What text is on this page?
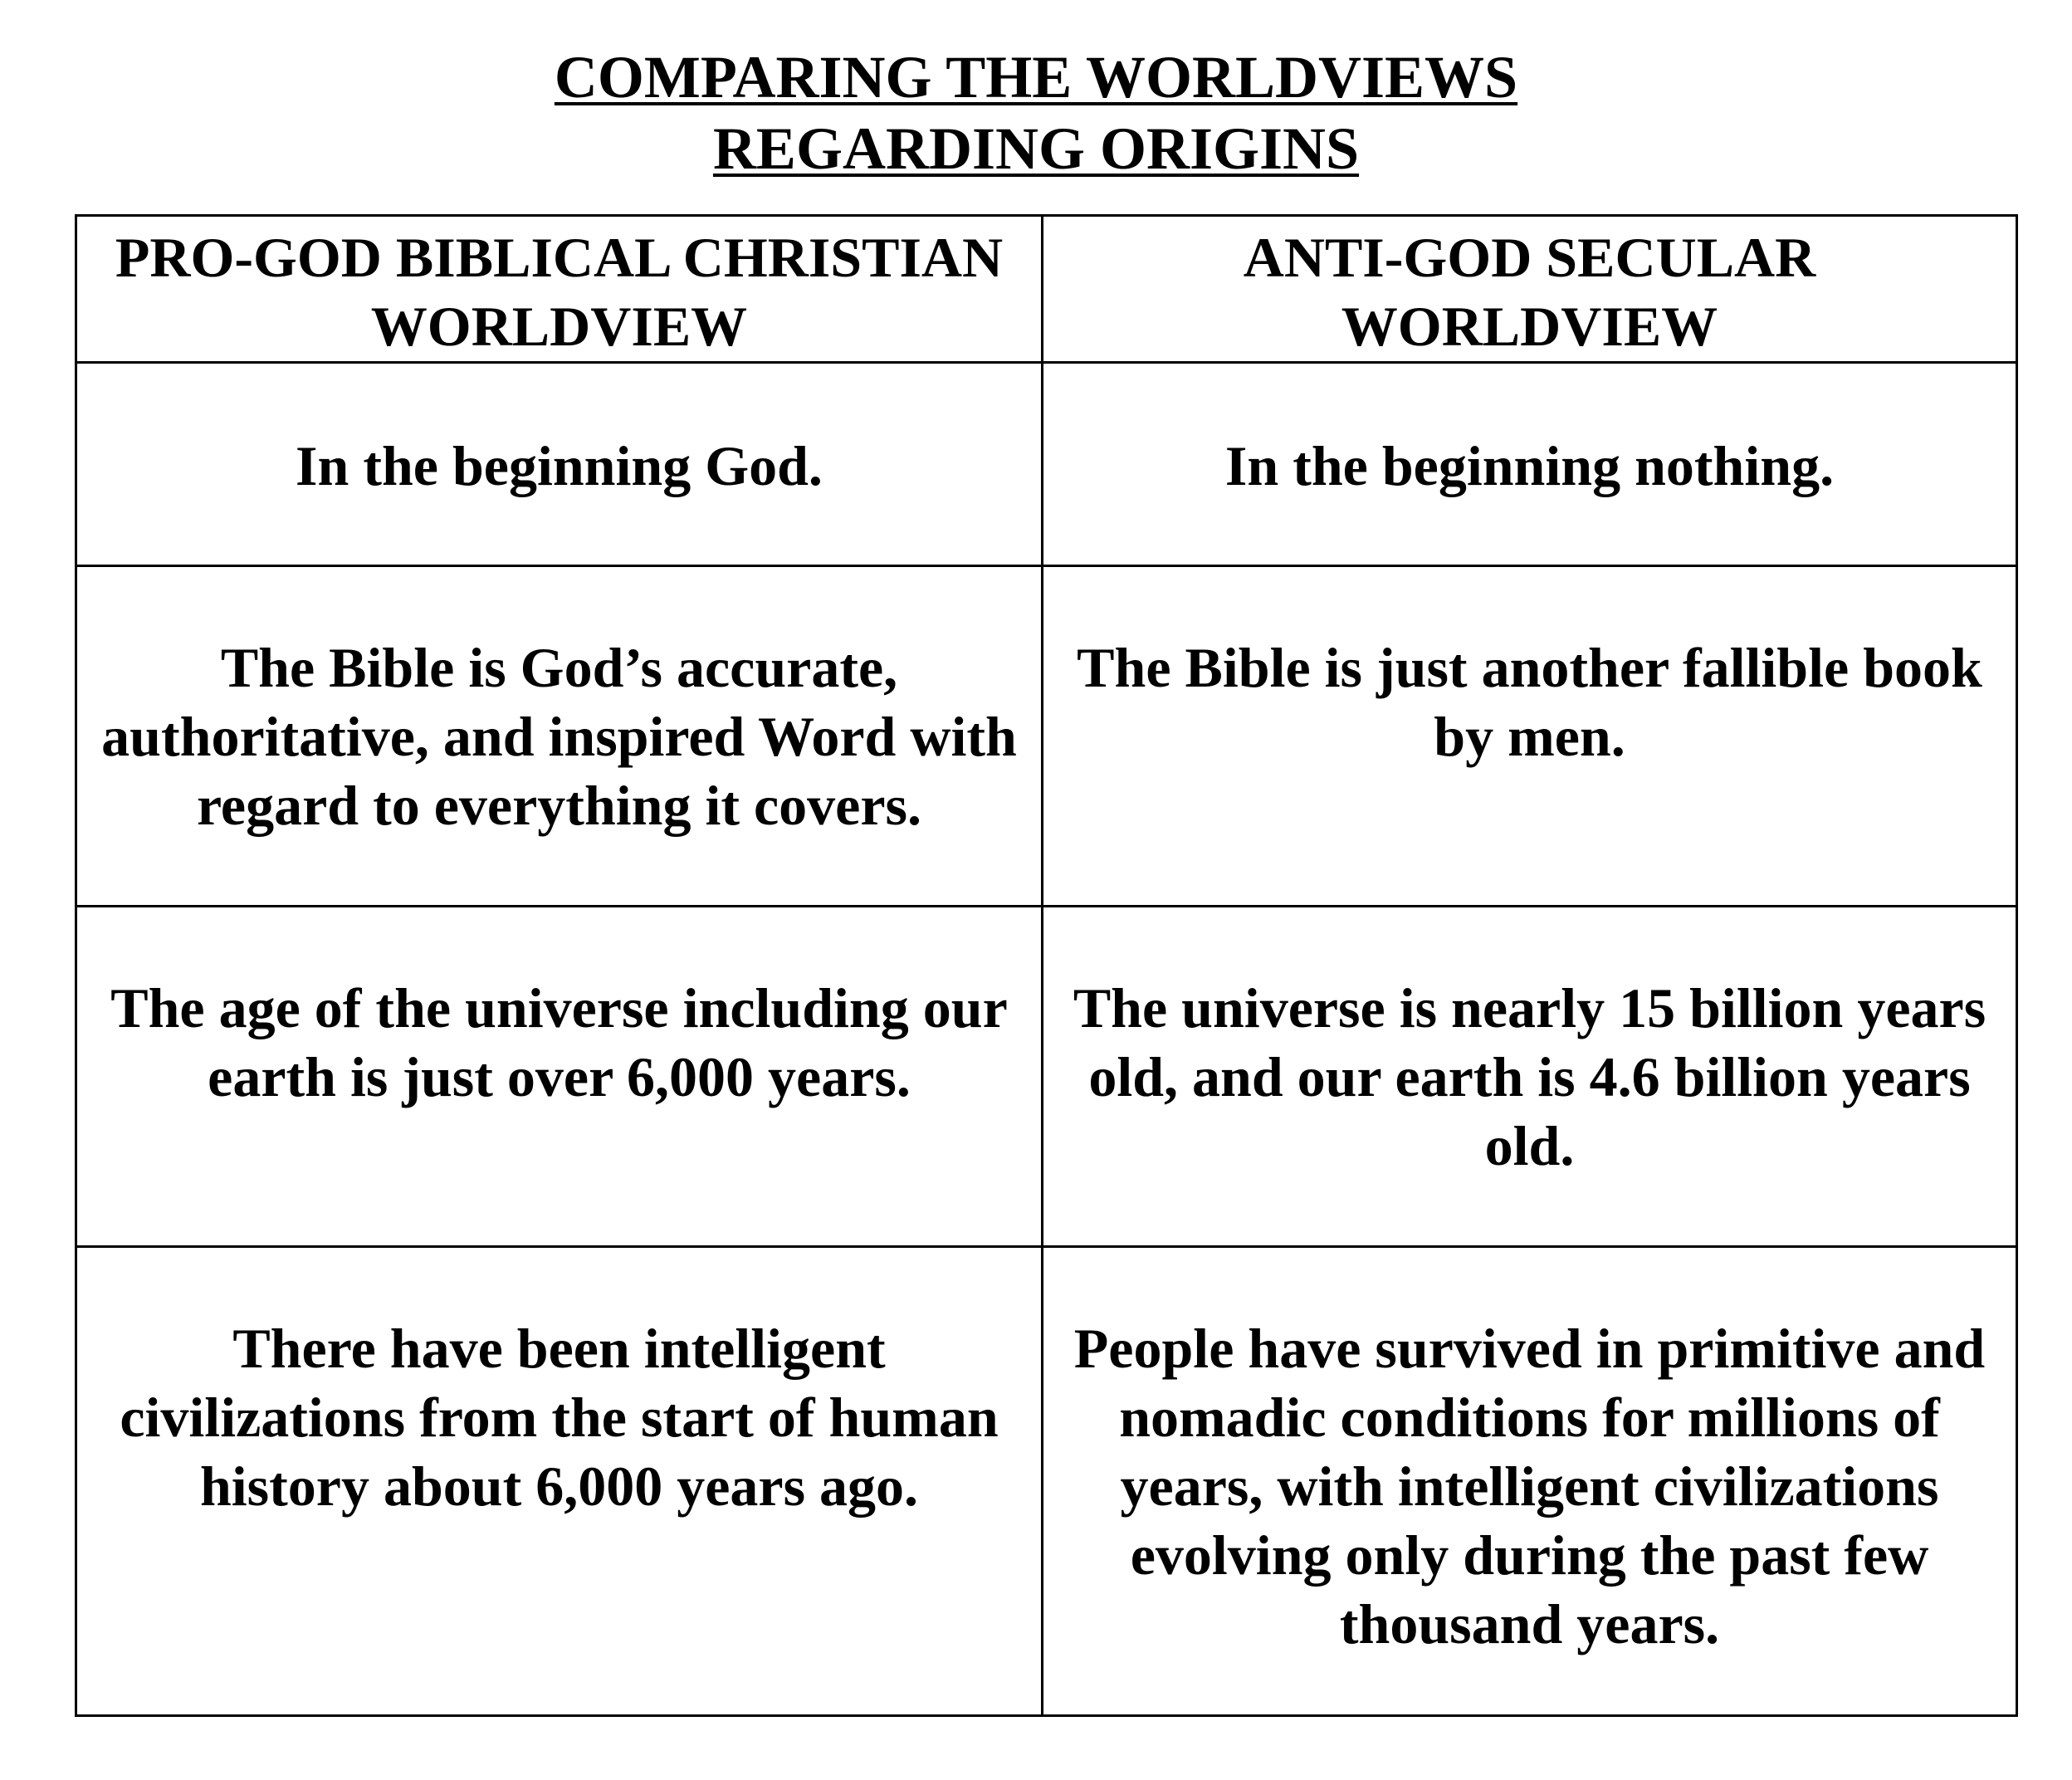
COMPARING THE WORLDVIEWS
REGARDING ORIGINS
PRO-GOD BIBLICAL CHRISTIAN WORLDVIEW	ANTI-GOD SECULAR WORLDVIEW

In the beginning God.	In the beginning nothing.

The Bible is God’s accurate, authoritative, and inspired Word with regard to everything it covers.	The Bible is just another fallible book by men.

The age of the universe including our earth is just over 6,000 years.	The universe is nearly 15 billion years old, and our earth is 4.6 billion years old.

There have been intelligent civilizations from the start of human history about 6,000 years ago.	People have survived in primitive and nomadic conditions for millions of years, with intelligent civilizations evolving only during the past few thousand years.
